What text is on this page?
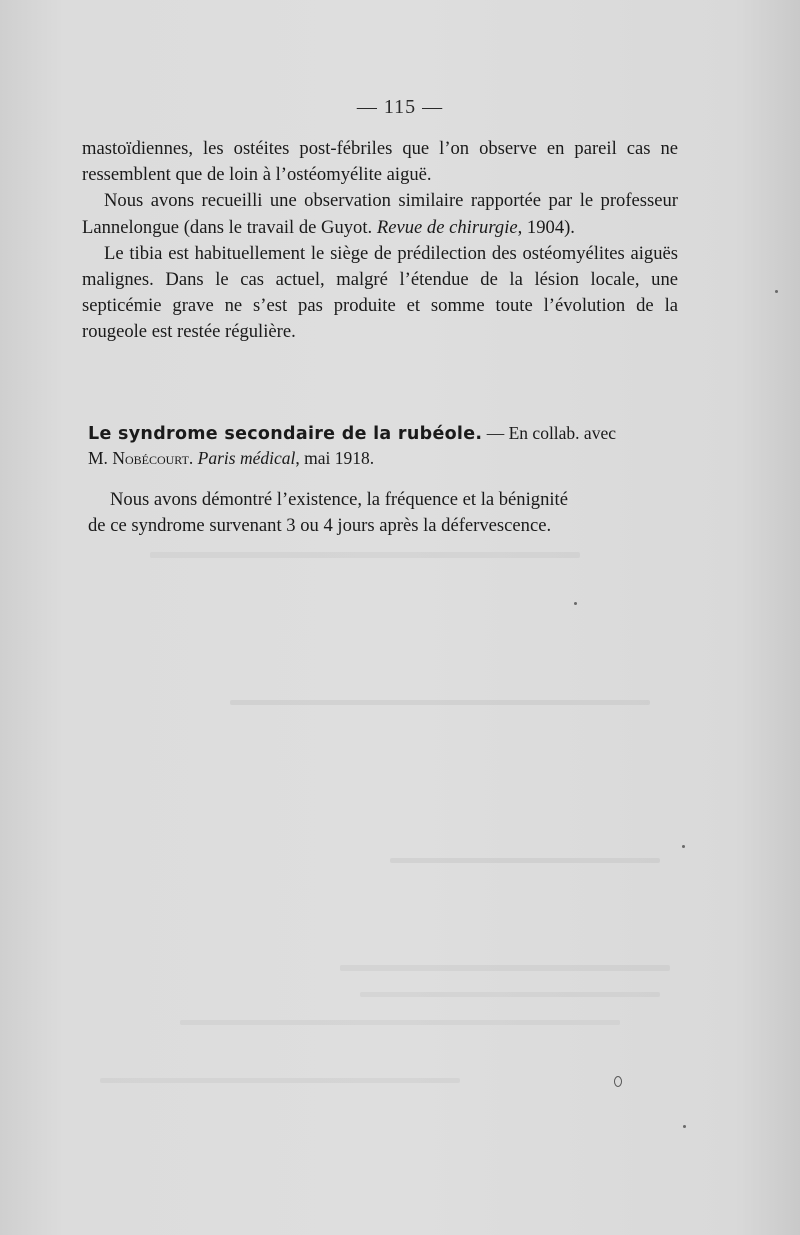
— 115 —

mastoïdiennes, les ostéites post-fébriles que l’on observe en pareil cas ne ressemblent que de loin à l’ostéomyélite aiguë.

Nous avons recueilli une observation similaire rapportée par le professeur Lannelongue (dans le travail de Guyot. Revue de chirurgie, 1904).

Le tibia est habituellement le siège de prédilection des ostéomyélites aiguës malignes. Dans le cas actuel, malgré l’étendue de la lésion locale, une septicémie grave ne s’est pas produite et somme toute l’évolution de la rougeole est restée régulière.

Le syndrome secondaire de la rubéole. — En collab. avec
M. Nobécourt. Paris médical, mai 1918.
Nous avons démontré l’existence, la fréquence et la bénignité
de ce syndrome survenant 3 ou 4 jours après la défervescence.
